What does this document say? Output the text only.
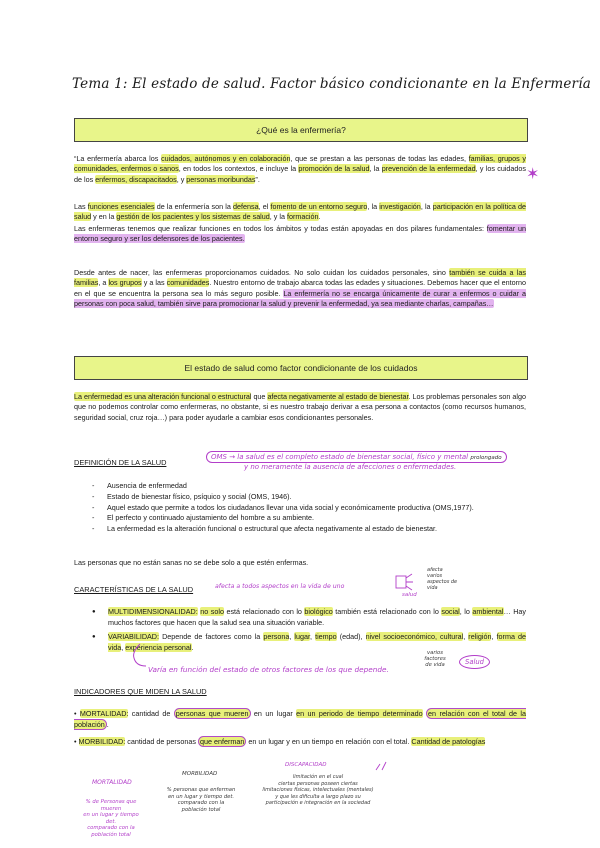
Tema 1: El estado de salud. Factor básico condicionante en la Enfermería
¿Qué es la enfermería?

“La enfermería abarca los cuidados, autónomos y en colaboración, que se prestan a las personas de todas las edades, familias, grupos y comunidades, enfermos o sanos, en todos los contextos, e incluye la promoción de la salud, la prevención de la enfermedad, y los cuidados de los enfermos, discapacitados, y personas moribundas”.	✶

Las funciones esenciales de la enfermería son la defensa, el fomento de un entorno seguro, la investigación, la participación en la política de salud y en la gestión de los pacientes y los sistemas de salud, y la formación.

Las enfermeras tenemos que realizar funciones en todos los ámbitos y todas están apoyadas en dos pilares fundamentales: fomentar un entorno seguro y ser los defensores de los pacientes.

Desde antes de nacer, las enfermeras proporcionamos cuidados. No solo cuidan los cuidados personales, sino también se cuida a las familias, a los grupos y a las comunidades. Nuestro entorno de trabajo abarca todas las edades y situaciones. Debemos hacer que el entorno en el que se encuentra la persona sea lo más seguro posible. La enfermería no se encarga únicamente de curar a enfermos o cuidar a personas con poca salud, también sirve para promocionar la salud y prevenir la enfermedad, ya sea mediante charlas, campañas…

El estado de salud como factor condicionante de los cuidados

La enfermedad es una alteración funcional o estructural que afecta negativamente al estado de bienestar. Los problemas personales son algo que no podemos controlar como enfermeras, no obstante, si es nuestro trabajo derivar a esa persona a contactos (como recursos humanos, seguridad social, cruz roja…) para poder ayudarle a cambiar esos condicionantes personales.

DEFINICIÓN DE LA SALUD
OMS → la salud es el completo estado de bienestar social, físico y mental prolongado
y no meramente la ausencia de afecciones o enfermedades.
- Ausencia de enfermedad
- Estado de bienestar físico, psíquico y social (OMS, 1946).
- Aquel estado que permite a todos los ciudadanos llevar una vida social y económicamente productiva (OMS,1977).
- El perfecto y continuado ajustamiento del hombre a su ambiente.
- La enfermedad es la alteración funcional o estructural que afecta negativamente al estado de bienestar.

Las personas que no están sanas no se debe solo a que estén enfermas.

CARACTERÍSTICAS DE LA SALUD	afecta a todos aspectos en la vida de uno
salud
afecta varios aspectos de vida
● MULTIDIMENSIONALIDAD: no solo está relacionado con lo biológico también está relacionado con lo social, lo ambiental… Hay muchos factores que hacen que la salud sea una situación variable.
● VARIABILIDAD: Depende de factores como la persona, lugar, tiempo (edad), nivel socioeconómico, cultural, religión, forma de vida, experiencia personal.
Varía en función del estado de otros factores de los que depende.
varios factores de vida	Salud
INDICADORES QUE MIDEN LA SALUD

• MORTALIDAD: cantidad de personas que mueren en un lugar en un periodo de tiempo determinado en relación con el total de la población .

• MORBILIDAD: cantidad de personas que enferman en un lugar y en un tiempo en relación con el total. Cantidad de patologías

MORTALIDAD
% de Personas que mueren
en un lugar y tiempo det.
comparado con la
población total
MORBILIDAD
% personas que enferman
en un lugar y tiempo det.
comparado con la
población total
DISCAPACIDAD
limitación en el cual
ciertas personas poseen ciertas
limitaciones físicas, intelectuales (mentales)
y que les dificulta a largo plazo su
participación e integración en la sociedad
